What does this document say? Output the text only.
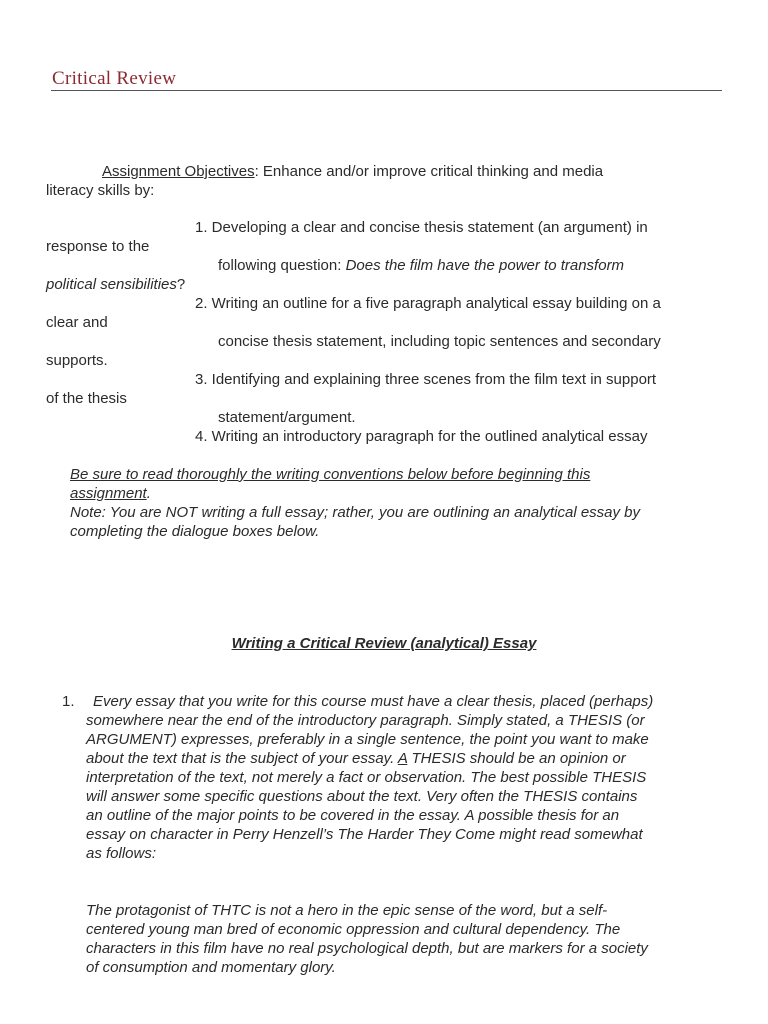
Critical Review
Assignment Objectives: Enhance and/or improve critical thinking and media
literacy skills by:
1. Developing a clear and concise thesis statement (an argument) in
response to the
following question: Does the film have the power to transform
political sensibilities?
2. Writing an outline for a five paragraph analytical essay building on a
clear and
concise thesis statement, including topic sentences and secondary
supports.
3. Identifying and explaining three scenes from the film text in support
of the thesis
statement/argument.
4. Writing an introductory paragraph for the outlined analytical essay
Be sure to read thoroughly the writing conventions below before beginning this
assignment.
Note: You are NOT writing a full essay; rather, you are outlining an analytical essay by
completing the dialogue boxes below.
Writing a Critical Review (analytical) Essay
1.	Every essay that you write for this course must have a clear thesis, placed (perhaps)
somewhere near the end of the introductory paragraph. Simply stated, a THESIS (or
ARGUMENT) expresses, preferably in a single sentence, the point you want to make
about the text that is the subject of your essay. A THESIS should be an opinion or
interpretation of the text, not merely a fact or observation. The best possible THESIS
will answer some specific questions about the text. Very often the THESIS contains
an outline of the major points to be covered in the essay. A possible thesis for an
essay on character in Perry Henzell’s The Harder They Come might read somewhat
as follows:
The protagonist of THTC is not a hero in the epic sense of the word, but a self-
centered young man bred of economic oppression and cultural dependency. The
characters in this film have no real psychological depth, but are markers for a society
of consumption and momentary glory.
